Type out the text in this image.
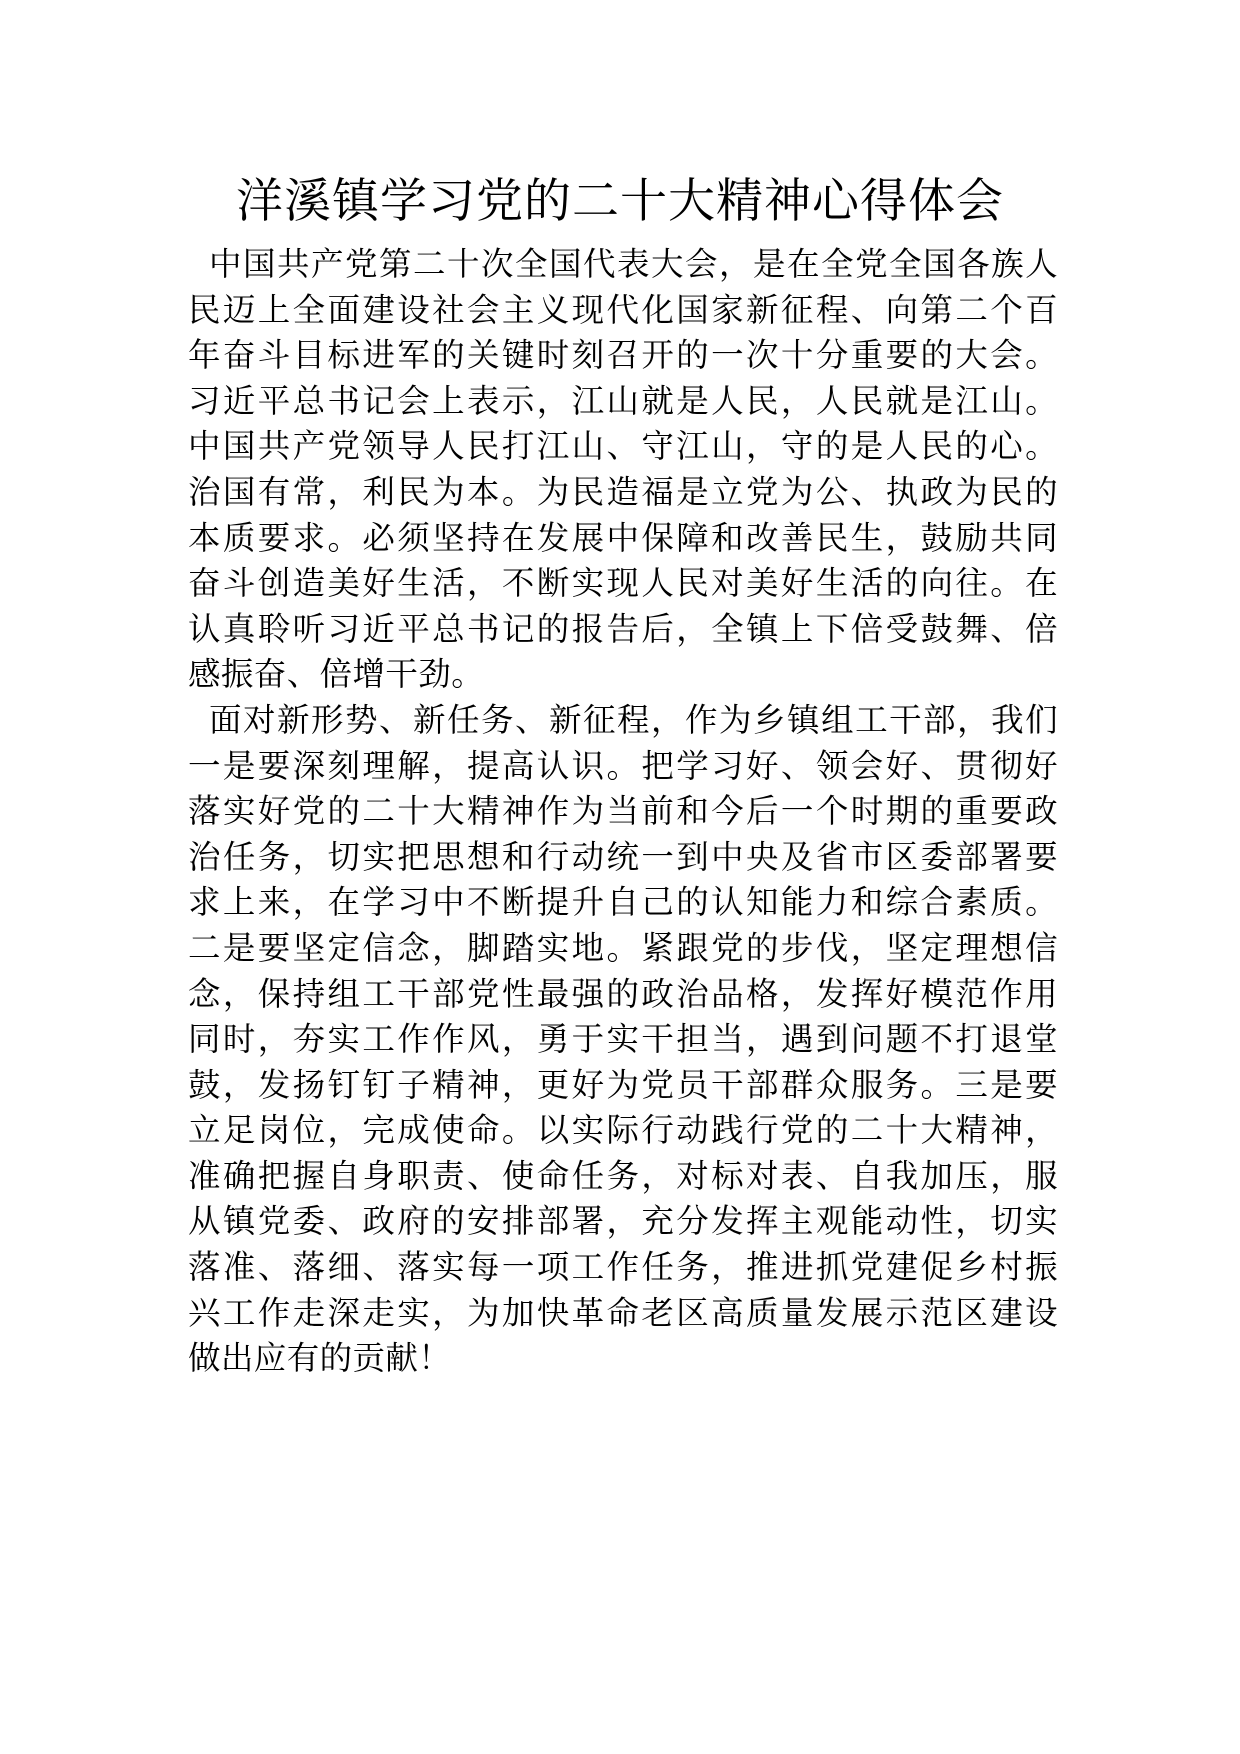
洋溪镇学习党的二十大精神心得体会
中国共产党第二十次全国代表大会，是在全党全国各族人
民迈上全面建设社会主义现代化国家新征程、向第二个百
年奋斗目标进军的关键时刻召开的一次十分重要的大会。
习近平总书记会上表示，江山就是人民，人民就是江山。
中国共产党领导人民打江山、守江山，守的是人民的心。
治国有常，利民为本。为民造福是立党为公、执政为民的
本质要求。必须坚持在发展中保障和改善民生，鼓励共同
奋斗创造美好生活，不断实现人民对美好生活的向往。在
认真聆听习近平总书记的报告后，全镇上下倍受鼓舞、倍
感振奋、倍增干劲。
面对新形势、新任务、新征程，作为乡镇组工干部，我们
一是要深刻理解，提高认识。把学习好、领会好、贯彻好
落实好党的二十大精神作为当前和今后一个时期的重要政
治任务，切实把思想和行动统一到中央及省市区委部署要
求上来，在学习中不断提升自己的认知能力和综合素质。
二是要坚定信念，脚踏实地。紧跟党的步伐，坚定理想信
念，保持组工干部党性最强的政治品格，发挥好模范作用
同时，夯实工作作风，勇于实干担当，遇到问题不打退堂
鼓，发扬钉钉子精神，更好为党员干部群众服务。三是要
立足岗位，完成使命。以实际行动践行党的二十大精神，
准确把握自身职责、使命任务，对标对表、自我加压，服
从镇党委、政府的安排部署，充分发挥主观能动性，切实
落准、落细、落实每一项工作任务，推进抓党建促乡村振
兴工作走深走实，为加快革命老区高质量发展示范区建设
做出应有的贡献！
